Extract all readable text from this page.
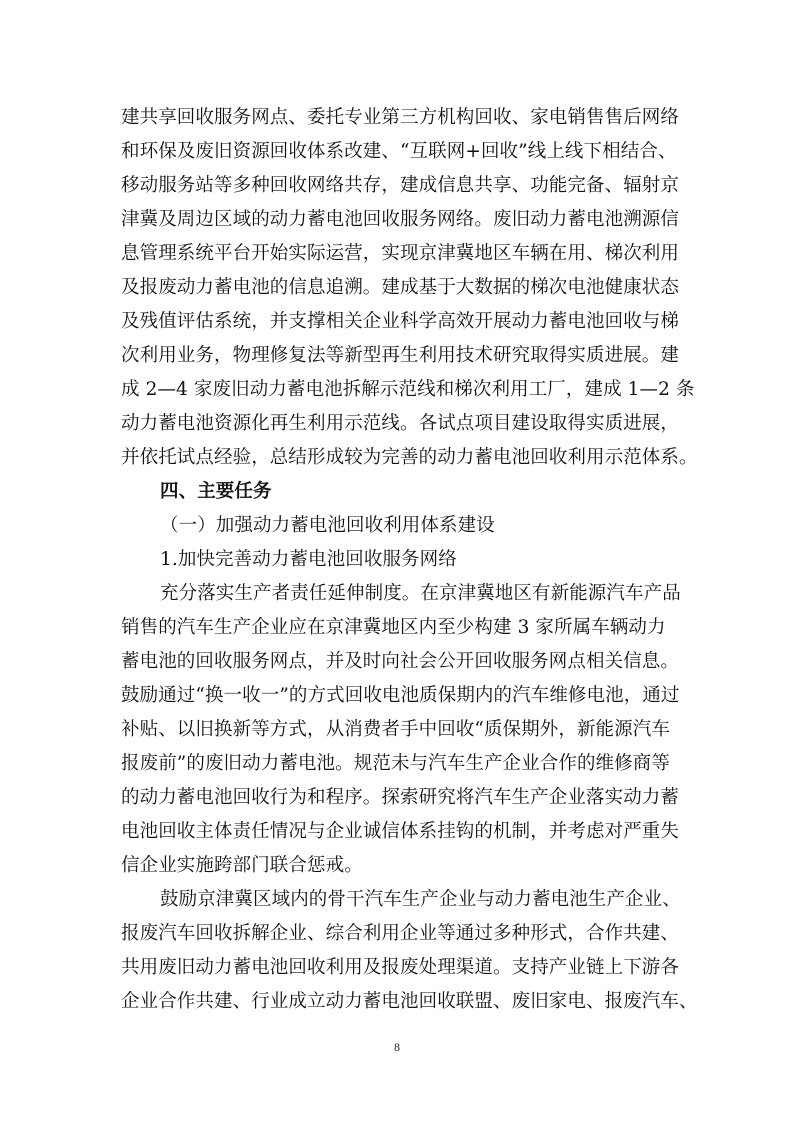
建共享回收服务网点、委托专业第三方机构回收、家电销售售后网络
和环保及废旧资源回收体系改建、“互联网+回收”线上线下相结合、
移动服务站等多种回收网络共存，建成信息共享、功能完备、辐射京
津冀及周边区域的动力蓄电池回收服务网络。废旧动力蓄电池溯源信
息管理系统平台开始实际运营，实现京津冀地区车辆在用、梯次利用
及报废动力蓄电池的信息追溯。建成基于大数据的梯次电池健康状态
及残值评估系统，并支撑相关企业科学高效开展动力蓄电池回收与梯
次利用业务，物理修复法等新型再生利用技术研究取得实质进展。建
成 2—4 家废旧动力蓄电池拆解示范线和梯次利用工厂，建成 1—2 条
动力蓄电池资源化再生利用示范线。各试点项目建设取得实质进展，
并依托试点经验，总结形成较为完善的动力蓄电池回收利用示范体系。
四、主要任务
（一）加强动力蓄电池回收利用体系建设
1.加快完善动力蓄电池回收服务网络
充分落实生产者责任延伸制度。在京津冀地区有新能源汽车产品
销售的汽车生产企业应在京津冀地区内至少构建 3 家所属车辆动力
蓄电池的回收服务网点，并及时向社会公开回收服务网点相关信息。
鼓励通过“换一收一”的方式回收电池质保期内的汽车维修电池，通过
补贴、以旧换新等方式，从消费者手中回收“质保期外，新能源汽车
报废前”的废旧动力蓄电池。规范未与汽车生产企业合作的维修商等
的动力蓄电池回收行为和程序。探索研究将汽车生产企业落实动力蓄
电池回收主体责任情况与企业诚信体系挂钩的机制，并考虑对严重失
信企业实施跨部门联合惩戒。
鼓励京津冀区域内的骨干汽车生产企业与动力蓄电池生产企业、
报废汽车回收拆解企业、综合利用企业等通过多种形式，合作共建、
共用废旧动力蓄电池回收利用及报废处理渠道。支持产业链上下游各
企业合作共建、行业成立动力蓄电池回收联盟、废旧家电、报废汽车、
8
